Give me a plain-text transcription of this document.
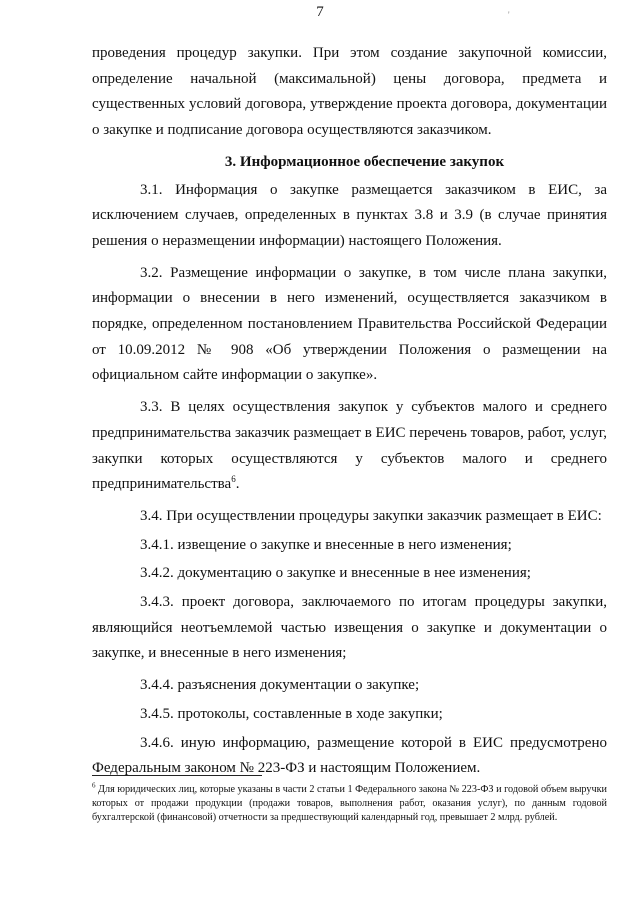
7	'

проведения процедур закупки. При этом создание закупочной комиссии, определение начальной (максимальной) цены договора, предмета и существенных условий договора, утверждение проекта договора, документации о закупке и подписание договора осуществляются заказчиком.

3. Информационное обеспечение закупок

3.1. Информация о закупке размещается заказчиком в ЕИС, за исключением случаев, определенных в пунктах 3.8 и 3.9 (в случае принятия решения о неразмещении информации) настоящего Положения.

3.2. Размещение информации о закупке, в том числе плана закупки, информации о внесении в него изменений, осуществляется заказчиком в порядке, определенном постановлением Правительства Российской Федерации от 10.09.2012 № 908 «Об утверждении Положения о размещении на официальном сайте информации о закупке».

3.3. В целях осуществления закупок у субъектов малого и среднего предпринимательства заказчик размещает в ЕИС перечень товаров, работ, услуг, закупки которых осуществляются у субъектов малого и среднего предпринимательства$^6$.

3.4. При осуществлении процедуры закупки заказчик размещает в ЕИС:

3.4.1. извещение о закупке и внесенные в него изменения;

3.4.2. документацию о закупке и внесенные в нее изменения;

3.4.3. проект договора, заключаемого по итогам процедуры закупки, являющийся неотъемлемой частью извещения о закупке и документации о закупке, и внесенные в него изменения;

3.4.4. разъяснения документации о закупке;

3.4.5. протоколы, составленные в ходе закупки;

3.4.6. иную информацию, размещение которой в ЕИС предусмотрено Федеральным законом № 223-ФЗ и настоящим Положением.

$^6$ Для юридических лиц, которые указаны в части 2 статьи 1 Федерального закона № 223-ФЗ и годовой объем выручки которых от продажи продукции (продажи товаров, выполнения работ, оказания услуг), по данным годовой бухгалтерской (финансовой) отчетности за предшествующий календарный год, превышает 2 млрд. рублей.
